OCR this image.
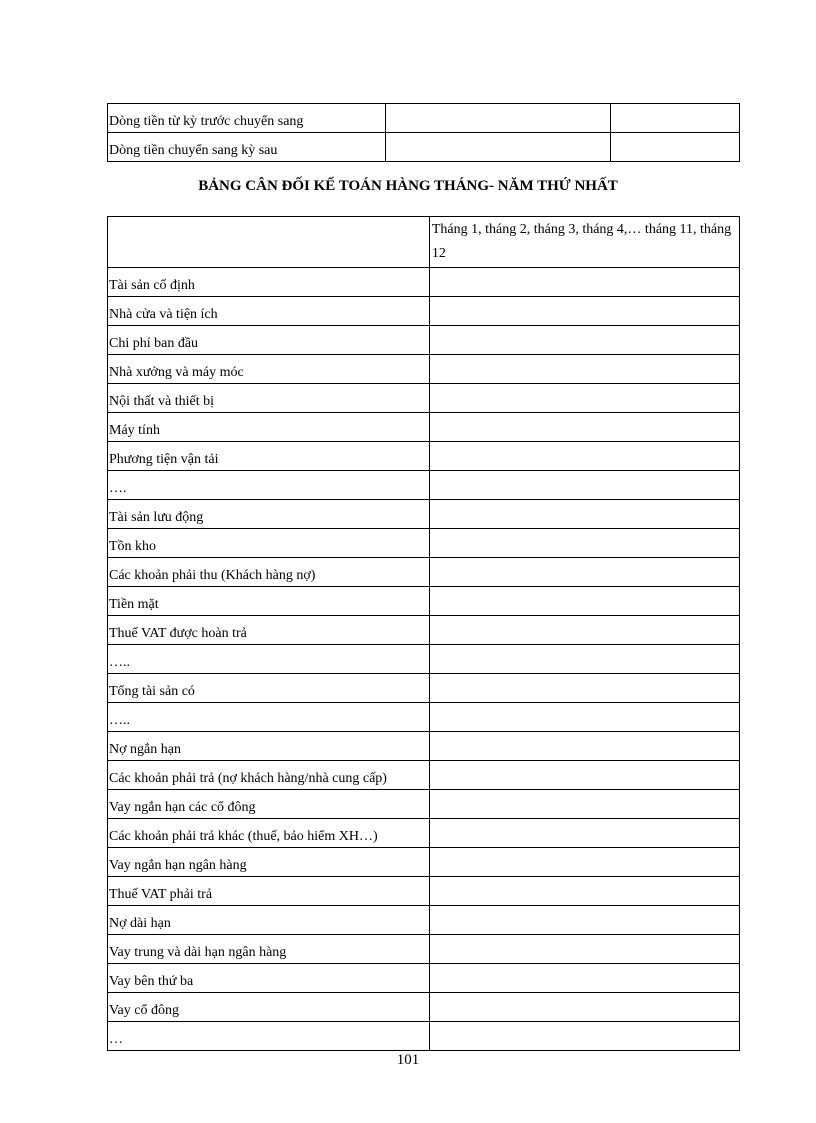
Dòng tiền từ kỳ trước chuyển sang		
Dòng tiền chuyển sang kỳ sau		
BẢNG CÂN ĐỐI KẾ TOÁN HÀNG THÁNG- NĂM THỨ NHẤT
	Tháng 1, tháng 2, tháng 3, tháng 4,… tháng 11, tháng 12
Tài sản cố định	
Nhà cửa và tiện ích	
Chi phí ban đầu	
Nhà xưởng và máy móc	
Nội thất và thiết bị	
Máy tính	
Phương tiện vận tải	
….	
Tài sản lưu động	
Tồn kho	
Các khoản phải thu (Khách hàng nợ)	
Tiền mặt	
Thuế VAT được hoàn trả	
…..	
Tổng tài sản có	
…..	
Nợ ngắn hạn	
Các khoản phải trả (nợ khách hàng/nhà cung cấp)	
Vay ngắn hạn các cổ đông	
Các khoản phải trả khác (thuế, bảo hiểm XH…)	
Vay ngắn hạn ngân hàng	
Thuế VAT phải trả	
Nợ dài hạn	
Vay trung và dài hạn ngân hàng	
Vay bên thứ ba	
Vay cổ đông	
…	
101
